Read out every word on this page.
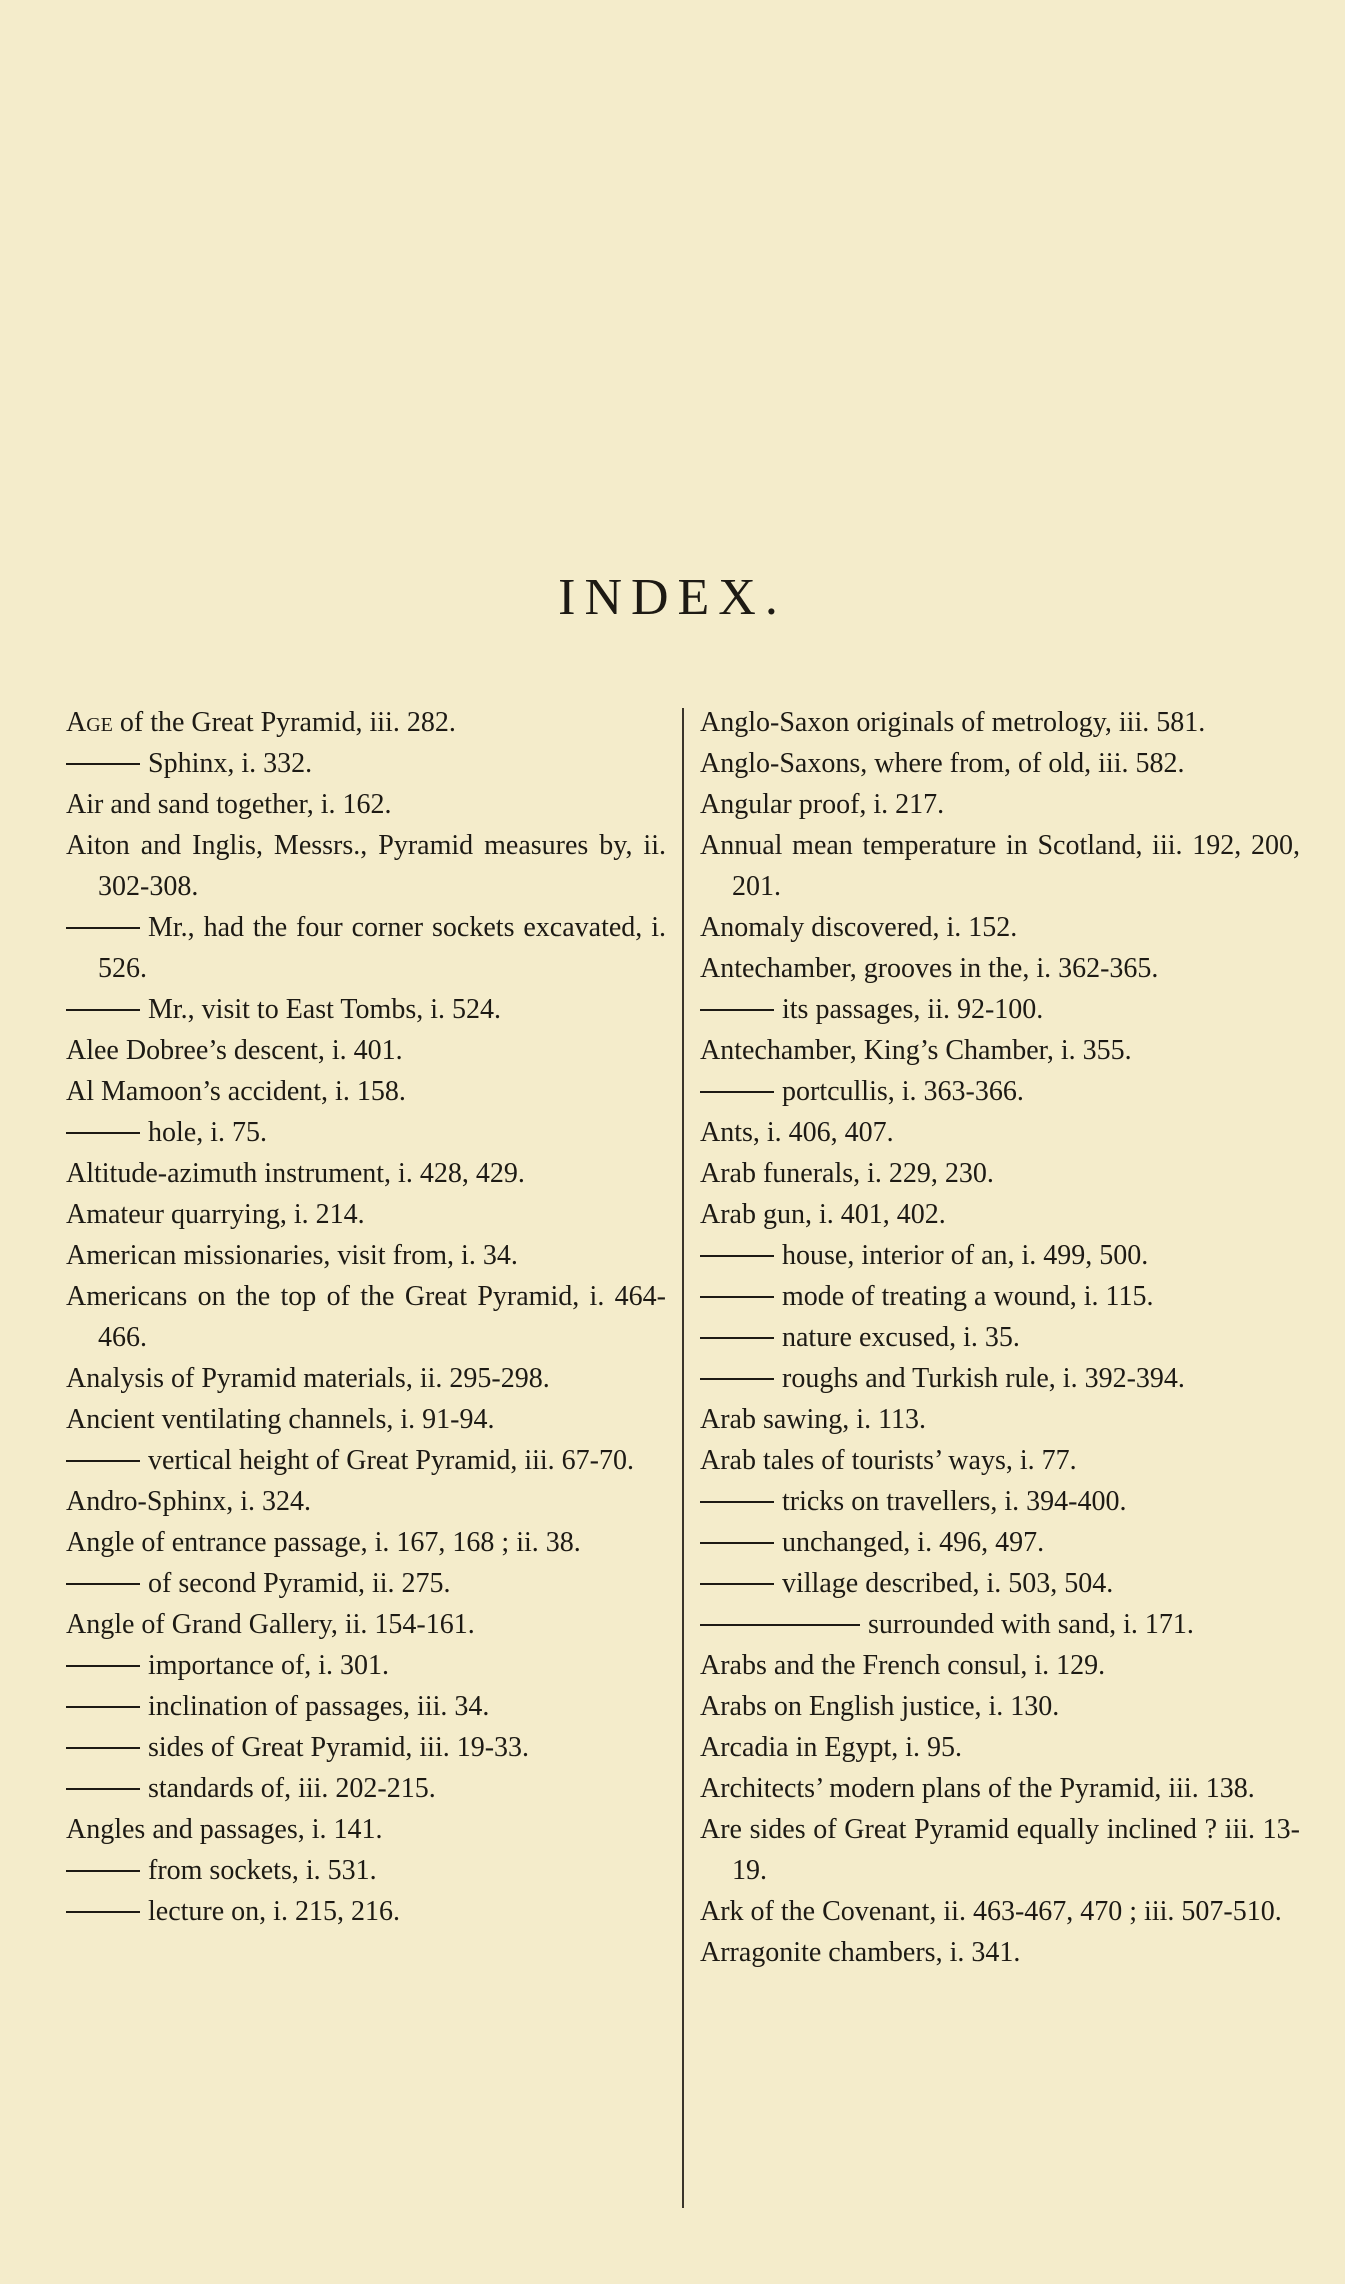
INDEX.

Age of the Great Pyramid, iii. 282.

Sphinx, i. 332.

Air and sand together, i. 162.

Aiton and Inglis, Messrs., Pyramid measures by, ii. 302-308.

Mr., had the four corner sockets excavated, i. 526.

Mr., visit to East Tombs, i. 524.

Alee Dobree’s descent, i. 401.

Al Mamoon’s accident, i. 158.

hole, i. 75.

Altitude-azimuth instrument, i. 428, 429.

Amateur quarrying, i. 214.

American missionaries, visit from, i. 34.

Americans on the top of the Great Pyramid, i. 464-466.

Analysis of Pyramid materials, ii. 295-298.

Ancient ventilating channels, i. 91-94.

vertical height of Great Pyramid, iii. 67-70.

Andro-Sphinx, i. 324.

Angle of entrance passage, i. 167, 168 ; ii. 38.

of second Pyramid, ii. 275.

Angle of Grand Gallery, ii. 154-161.

importance of, i. 301.

inclination of passages, iii. 34.

sides of Great Pyramid, iii. 19-33.

standards of, iii. 202-215.

Angles and passages, i. 141.

from sockets, i. 531.

lecture on, i. 215, 216.

Anglo-Saxon originals of metrology, iii. 581.

Anglo-Saxons, where from, of old, iii. 582.

Angular proof, i. 217.

Annual mean temperature in Scotland, iii. 192, 200, 201.

Anomaly discovered, i. 152.

Antechamber, grooves in the, i. 362-365.

its passages, ii. 92-100.

Antechamber, King’s Chamber, i. 355.

portcullis, i. 363-366.

Ants, i. 406, 407.

Arab funerals, i. 229, 230.

Arab gun, i. 401, 402.

house, interior of an, i. 499, 500.

mode of treating a wound, i. 115.

nature excused, i. 35.

roughs and Turkish rule, i. 392-394.

Arab sawing, i. 113.

Arab tales of tourists’ ways, i. 77.

tricks on travellers, i. 394-400.

unchanged, i. 496, 497.

village described, i. 503, 504.

surrounded with sand, i. 171.

Arabs and the French consul, i. 129.

Arabs on English justice, i. 130.

Arcadia in Egypt, i. 95.

Architects’ modern plans of the Pyramid, iii. 138.

Are sides of Great Pyramid equally inclined ? iii. 13-19.

Ark of the Covenant, ii. 463-467, 470 ; iii. 507-510.

Arragonite chambers, i. 341.
